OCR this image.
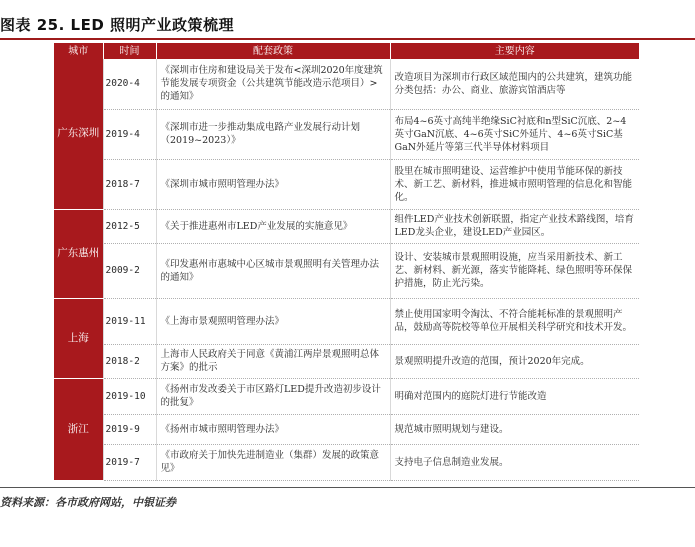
图表 25. LED 照明产业政策梳理
城市	时间	配套政策	主要内容
广东深圳	2020-4	《深圳市住房和建设局关于发布<深圳2020年度建筑节能发展专项资金（公共建筑节能改造示范项目）>的通知》	改造项目为深圳市行政区域范围内的公共建筑，建筑功能分类包括：办公、商业、旅游宾馆酒店等
	2019-4	《深圳市进一步推动集成电路产业发展行动计划（2019~2023）》	布局4~6英寸高纯半绝缘SiC衬底和n型SiC沉底、2~4英寸GaN沉底、4~6英寸SiC外延片、4~6英寸SiC基GaN外延片等第三代半导体材料项目
	2018-7	《深圳市城市照明管理办法》	股里在城市照明建设、运营维护中使用节能环保的新技术、新工艺、新材料，推进城市照明管理的信息化和智能化。
广东惠州	2012-5	《关于推进惠州市LED产业发展的实施意见》	组件LED产业技术创新联盟，指定产业技术路线图，培育LED龙头企业，建设LED产业园区。
	2009-2	《印发惠州市惠城中心区城市景观照明有关管理办法的通知》	设计、安装城市景观照明设施，应当采用新技术、新工艺、新材料、新光源，落实节能降耗、绿色照明等环保保护措施，防止光污染。
上海	2019-11	《上海市景观照明管理办法》	禁止使用国家明令淘汰、不符合能耗标准的景观照明产品，鼓励高等院校等单位开展相关科学研究和技术开发。
	2018-2	上海市人民政府关于同意《黄浦江两岸景观照明总体方案》的批示	景观照明提升改造的范围，预计2020年完成。
浙江	2019-10	《扬州市发改委关于市区路灯LED提升改造初步设计的批复》	明确对范围内的庭院灯进行节能改造
	2019-9	《扬州市城市照明管理办法》	规范城市照明规划与建设。
	2019-7	《市政府关于加快先进制造业（集群）发展的政策意见》	支持电子信息制造业发展。
资料来源：各市政府网站，中银证券
